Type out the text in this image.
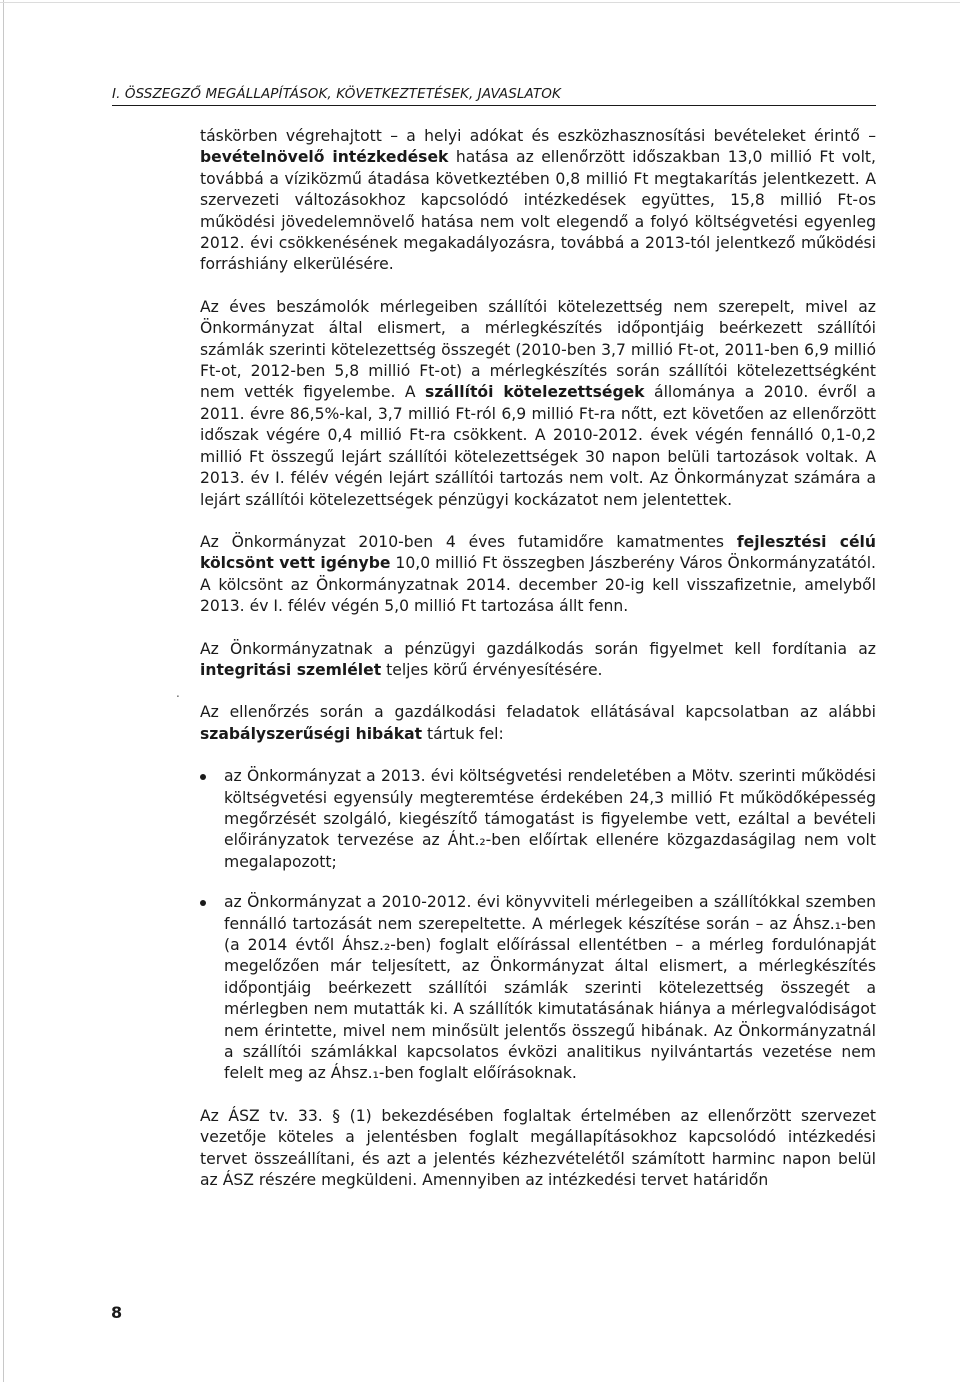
I. ÖSSZEGZŐ MEGÁLLAPÍTÁSOK, KÖVETKEZTETÉSEK, JAVASLATOK

táskörben végrehajtott – a helyi adókat és eszközhasznosítási bevételeket érintő – bevételnövelő intézkedések hatása az ellenőrzött időszakban 13,0 millió Ft volt, továbbá a víziközmű átadása következtében 0,8 millió Ft megtakarítás jelentkezett. A szervezeti változásokhoz kapcsolódó intézkedések együttes, 15,8 millió Ft-os működési jövedelemnövelő hatása nem volt elegendő a folyó költségvetési egyenleg 2012. évi csökkenésének megakadályozásra, továbbá a 2013-tól jelentkező működési forráshiány elkerülésére.

Az éves beszámolók mérlegeiben szállítói kötelezettség nem szerepelt, mivel az Önkormányzat által elismert, a mérlegkészítés időpontjáig beérkezett szállítói számlák szerinti kötelezettség összegét (2010-ben 3,7 millió Ft-ot, 2011-ben 6,9 millió Ft-ot, 2012-ben 5,8 millió Ft-ot) a mérlegkészítés során szállítói kötelezettségként nem vették figyelembe. A szállítói kötelezettségek állománya a 2010. évről a 2011. évre 86,5%-kal, 3,7 millió Ft-ról 6,9 millió Ft-ra nőtt, ezt követően az ellenőrzött időszak végére 0,4 millió Ft-ra csökkent. A 2010-2012. évek végén fennálló 0,1-0,2 millió Ft összegű lejárt szállítói kötelezettségek 30 napon belüli tartozások voltak. A 2013. év I. félév végén lejárt szállítói tartozás nem volt. Az Önkormányzat számára a lejárt szállítói kötelezettségek pénzügyi kockázatot nem jelentettek.

Az Önkormányzat 2010-ben 4 éves futamidőre kamatmentes fejlesztési célú kölcsönt vett igénybe 10,0 millió Ft összegben Jászberény Város Önkormányzatától. A kölcsönt az Önkormányzatnak 2014. december 20-ig kell visszafizetnie, amelyből 2013. év I. félév végén 5,0 millió Ft tartozása állt fenn.

Az Önkormányzatnak a pénzügyi gazdálkodás során figyelmet kell fordítania az integritási szemlélet teljes körű érvényesítésére.

Az ellenőrzés során a gazdálkodási feladatok ellátásával kapcsolatban az alábbi szabályszerűségi hibákat tártuk fel:

az Önkormányzat a 2013. évi költségvetési rendeletében a Mötv. szerinti működési költségvetési egyensúly megteremtése érdekében 24,3 millió Ft működőképesség megőrzését szolgáló, kiegészítő támogatást is figyelembe vett, ezáltal a bevételi előirányzatok tervezése az Áht.₂-ben előírtak ellenére közgazdaságilag nem volt megalapozott;
az Önkormányzat a 2010-2012. évi könyvviteli mérlegeiben a szállítókkal szemben fennálló tartozását nem szerepeltette. A mérlegek készítése során – az Áhsz.₁-ben (a 2014 évtől Áhsz.₂-ben) foglalt előírással ellentétben – a mérleg fordulónapját megelőzően már teljesített, az Önkormányzat által elismert, a mérlegkészítés időpontjáig beérkezett szállítói számlák szerinti kötelezettség összegét a mérlegben nem mutatták ki. A szállítók kimutatásának hiánya a mérlegvalódiságot nem érintette, mivel nem minősült jelentős összegű hibának. Az Önkormányzatnál a szállítói számlákkal kapcsolatos évközi analitikus nyilvántartás vezetése nem felelt meg az Áhsz.₁-ben foglalt előírásoknak.

Az ÁSZ tv. 33. § (1) bekezdésében foglaltak értelmében az ellenőrzött szervezet vezetője köteles a jelentésben foglalt megállapításokhoz kapcsolódó intézkedési tervet összeállítani, és azt a jelentés kézhezvételétől számított harminc napon belül az ÁSZ részére megküldeni. Amennyiben az intézkedési tervet határidőn

.
8
